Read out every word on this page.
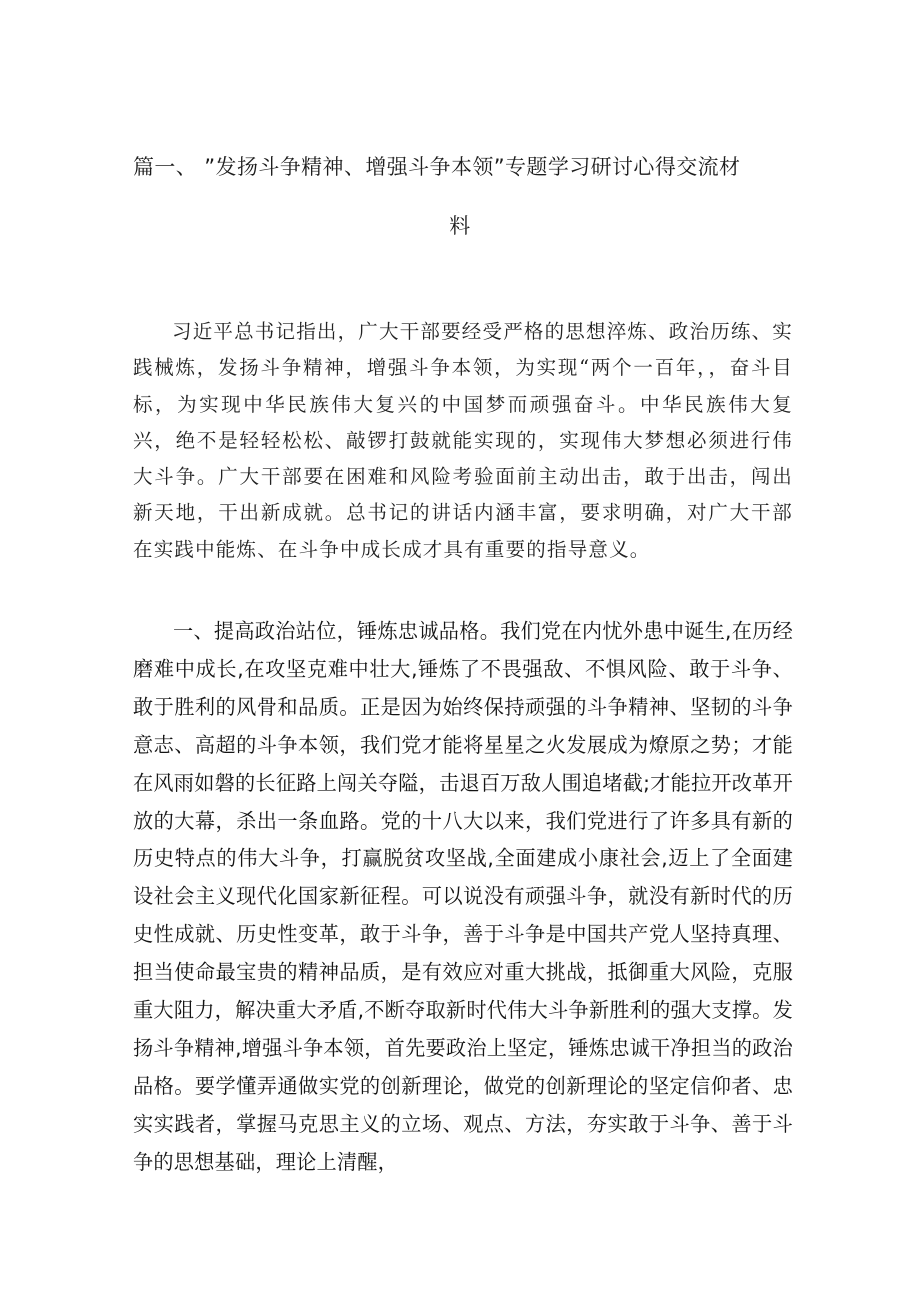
篇一、 ”发扬斗争精神、增强斗争本领”专题学习研讨心得交流材
料

习近平总书记指出，广大干部要经受严格的思想淬炼、政治历练、实践械炼，发扬斗争精神，增强斗争本领，为实现“两个一百年，，奋斗目标，为实现中华民族伟大复兴的中国梦而顽强奋斗。中华民族伟大复兴，绝不是轻轻松松、敲锣打鼓就能实现的，实现伟大梦想必须进行伟大斗争。广大干部要在困难和风险考验面前主动出击，敢于出击，闯出新天地，干出新成就。总书记的讲话内涵丰富，要求明确，对广大干部在实践中能炼、在斗争中成长成才具有重要的指导意义。

一、提高政治站位，锤炼忠诚品格。我们党在内忧外患中诞生,在历经磨难中成长,在攻坚克难中壮大,锤炼了不畏强敌、不惧风险、敢于斗争、敢于胜利的风骨和品质。正是因为始终保持顽强的斗争精神、坚韧的斗争意志、高超的斗争本领，我们党才能将星星之火发展成为燎原之势；才能在风雨如磐的长征路上闯关夺隘，击退百万敌人围追堵截;才能拉开改革开放的大幕，杀出一条血路。党的十八大以来，我们党进行了许多具有新的历史特点的伟大斗争，打赢脱贫攻坚战,全面建成小康社会,迈上了全面建设社会主义现代化国家新征程。可以说没有顽强斗争，就没有新时代的历史性成就、历史性变革，敢于斗争，善于斗争是中国共产党人坚持真理、担当使命最宝贵的精神品质，是有效应对重大挑战，抵御重大风险，克服重大阻力，解决重大矛盾,不断夺取新时代伟大斗争新胜利的强大支撑。发扬斗争精神,增强斗争本领，首先要政治上坚定，锤炼忠诚干净担当的政治品格。要学懂弄通做实党的创新理论，做党的创新理论的坚定信仰者、忠实实践者，掌握马克思主义的立场、观点、方法，夯实敢于斗争、善于斗争的思想基础，理论上清醒，
